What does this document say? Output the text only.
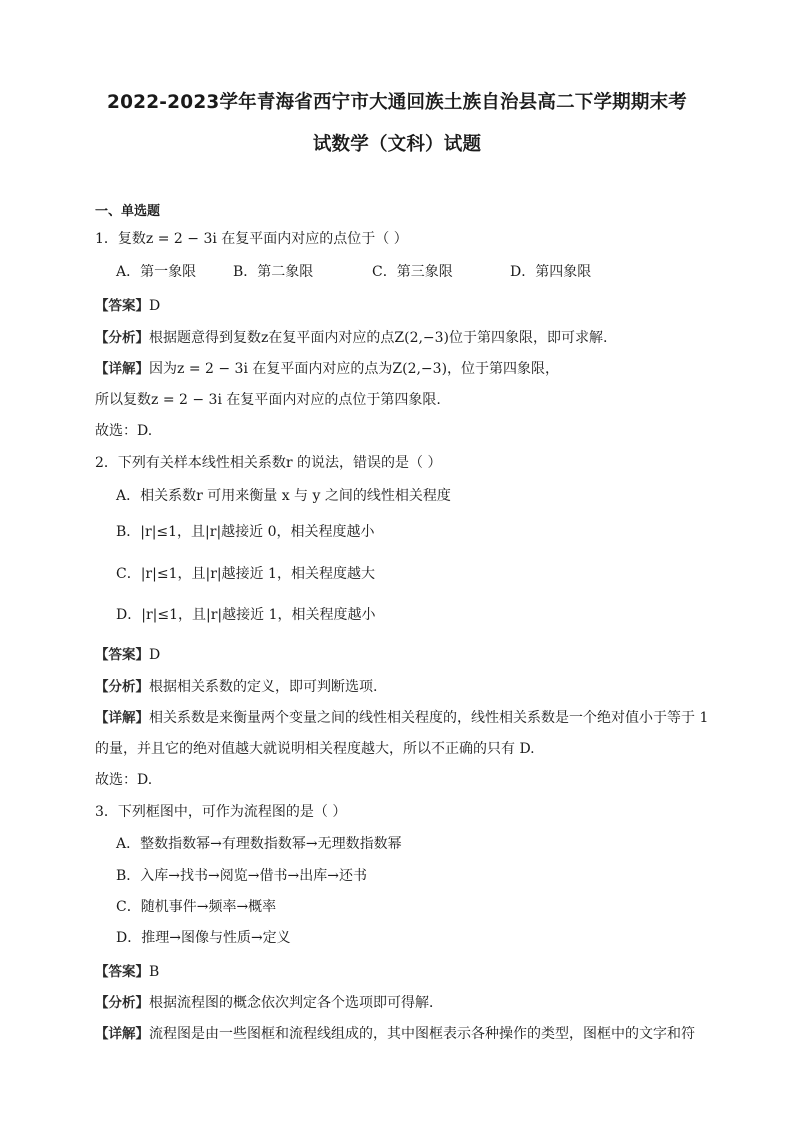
2022-2023学年青海省西宁市大通回族土族自治县高二下学期期末考
试数学（文科）试题
一、单选题
1．复数z = 2 − 3i 在复平面内对应的点位于（ ）
A．第一象限	B．第二象限	C．第三象限	D．第四象限
【答案】D
【分析】根据题意得到复数z在复平面内对应的点Z(2,−3)位于第四象限，即可求解.
【详解】因为z = 2 − 3i 在复平面内对应的点为Z(2,−3)，位于第四象限，
所以复数z = 2 − 3i 在复平面内对应的点位于第四象限.
故选：D.
2．下列有关样本线性相关系数r 的说法，错误的是（ ）
A．相关系数r 可用来衡量 x 与 y 之间的线性相关程度
B．|r|≤1，且|r|越接近 0，相关程度越小
C．|r|≤1，且|r|越接近 1，相关程度越大
D．|r|≤1，且|r|越接近 1，相关程度越小
【答案】D
【分析】根据相关系数的定义，即可判断选项.
【详解】相关系数是来衡量两个变量之间的线性相关程度的，线性相关系数是一个绝对值小于等于 1
的量，并且它的绝对值越大就说明相关程度越大，所以不正确的只有 D.
故选：D.
3．下列框图中，可作为流程图的是（ ）
A．整数指数幂→有理数指数幂→无理数指数幂
B．入库→找书→阅览→借书→出库→还书
C．随机事件→频率→概率
D．推理→图像与性质→定义
【答案】B
【分析】根据流程图的概念依次判定各个选项即可得解．
【详解】流程图是由一些图框和流程线组成的，其中图框表示各种操作的类型，图框中的文字和符
